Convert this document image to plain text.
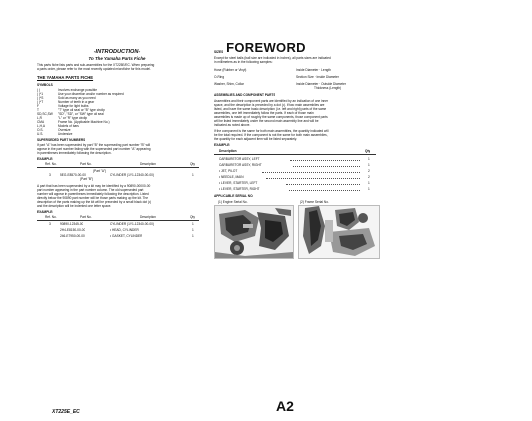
FOREWORD
-INTRODUCTION-
To The Yamaha Parts Fiche
This parts fiche lists parts and sub-assemblies for the XT225E/EC. When preparing
a parts order, please refer to the most recently updated microfiche for this model.
THE YAMAHA PARTS FICHE
SYMBOLS
( )	Involves exchange possible
( )*1	Use your discretion and/or number as required
( )*S	Sold as many as you need
( )*T	Number of teeth in a gear
F	Voltage for light bulbs
T	"T" type oil seal or "B" type circlip
SD,SC,SW	"SD", "SD", or "SW" type oil seal
L,R	"L" or "R" type circlip
CMA	Frame No. (Applicable Machine No.)
L,H,A	Models of bars
O.S.	Oversize
U.S.	Undersize
SUPERSEDED PART NUMBERS
If part "A" has been superseded by part "B" the superseding part number "B" will
appear in the part number listing with the superseded part number "A" appearing
in parentheses immediately following the description.
EXAMPLE:
Ref. No.	Part No.	Description	Qty
(Part "A")
3	5EG-E8570-00-00	CYLINDER (1Y1-12340-00-00)	1
(Part "B")
A part that has been superseded by a kit may be identified by a 90890-00000-00
part number appearing in the part number column. The old superseded part
number will appear in parentheses immediately following the description. Listed
directly below the 90890 part number will be those parts making up the kit. The
description of the parts making up the kit will be preceded by a small black dot (•)
and the description will be indented one letter space.
EXAMPLE:
Ref. No.	Part No.	Description	Qty
3	90890-12345-00	CYLINDER (1Y1-12340-00-00)	1
2H4-E8150-00-00	• HEAD, CYLINDER	1
246-E7950-00-00	• GASKET, CYLINDER	1
SIZES
Except for steel balls (ball size are indicated in inches), all parts sizes are indicated
in millimeters as in the following samples:
Hose (Rubber or Vinyl)	Inside Diameter · Length
O-Ring	Section Size · Inside Diameter
Washer, Shim, Collar	Inside Diameter · Outside Diameter
Thickness (Length)
ASSEMBLIES AND COMPONENT PARTS
Assemblies and their component parts are identified by an indication of one inner
space, and the description is preceded by a dot (•). If two main assemblies are
listed, and have the same basic description (i.e. left and right) parts of the same
assemblies, one left immediately follow the parts. If each of those main
assemblies is made up of roughly the same components, those component parts
will be listed immediately under the second main assembly line and will be
indicated as noted above.
If the component is the same for both main assemblies, the quantity indicated will
be the total required. If the component is not the same for both main assemblies,
the quantity for each adjacent item will be listed separately.
EXAMPLE:
Description	Qty
CARBURETOR ASSY, LEFT	1
CARBURETOR ASSY, RIGHT	1
• JET, PILOT	2
• NEEDLE, MAIN	2
• LEVER, STARTER, LEFT	1
• LEVER, STARTER, RIGHT	1
APPLICABLE SERIAL NO.
(1) Engine Serial No.	(2) Frame Serial No.
A2
XT225E_EC
